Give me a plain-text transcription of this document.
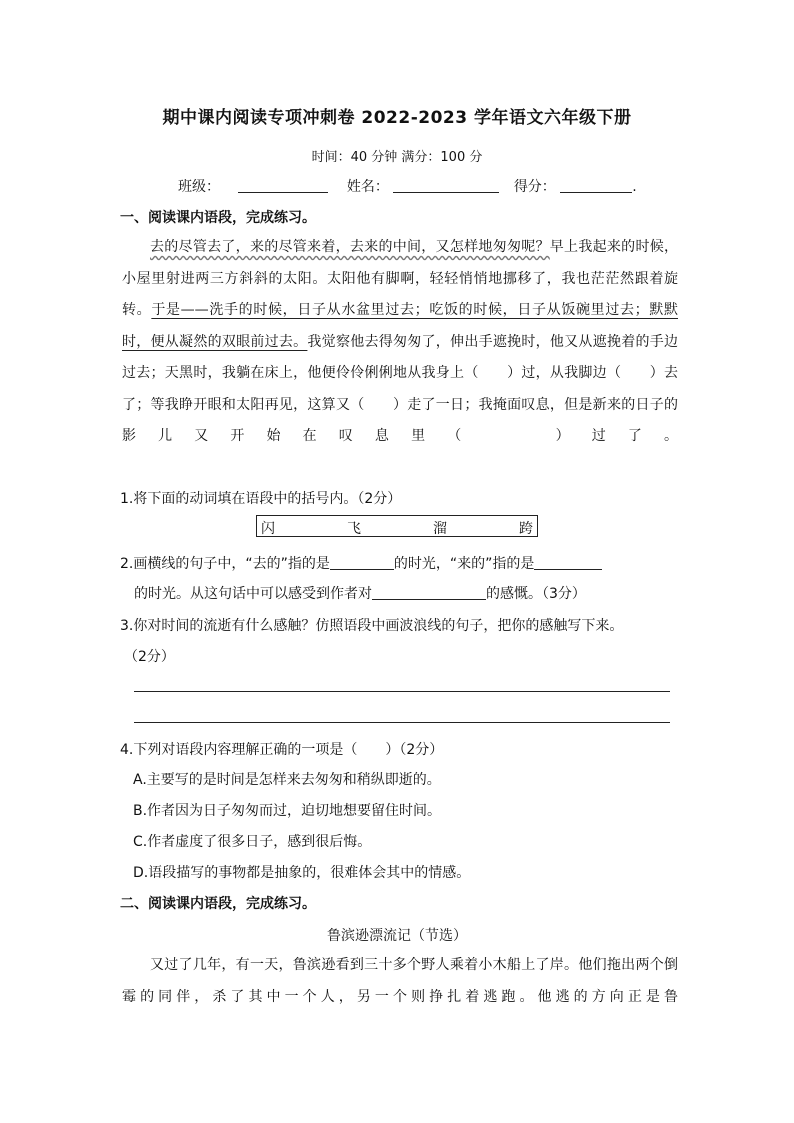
期中课内阅读专项冲刺卷 2022-2023 学年语文六年级下册
时间：40 分钟 满分：100 分
班级：	姓名：	得分：	.
一、阅读课内语段，完成练习。
去的尽管去了，来的尽管来着，去来的中间，又怎样地匆匆呢？早上我起来的时候，小屋里射进两三方斜斜的太阳。太阳他有脚啊，轻轻悄悄地挪移了，我也茫茫然跟着旋转。于是——洗手的时候，日子从水盆里过去；吃饭的时候，日子从饭碗里过去；默默时，便从凝然的双眼前过去。我觉察他去得匆匆了，伸出手遮挽时，他又从遮挽着的手边过去；天黑时，我躺在床上，他便伶伶俐俐地从我身上（　　）过，从我脚边（　　）去了；等我睁开眼和太阳再见，这算又（　　）走了一日；我掩面叹息，但是新来的日子的影儿又开始在叹息里（　　）过了。
1.将下面的动词填在语段中的括号内。（2分）
闪	飞	溜	跨
2.画横线的句子中，“去的”指的是	的时光，“来的”指的是
的时光。从这句话中可以感受到作者对	的感慨。（3分）
3.你对时间的流逝有什么感触？仿照语段中画波浪线的句子，把你的感触写下来。
（2分）
4.下列对语段内容理解正确的一项是（　　）（2分）
A.主要写的是时间是怎样来去匆匆和稍纵即逝的。
B.作者因为日子匆匆而过，迫切地想要留住时间。
C.作者虚度了很多日子，感到很后悔。
D.语段描写的事物都是抽象的，很难体会其中的情感。
二、阅读课内语段，完成练习。
鲁滨逊漂流记（节选）
又过了几年，有一天，鲁滨逊看到三十多个野人乘着小木船上了岸。他们拖出两个倒霉的同伴，杀了其中一个人，另一个则挣扎着逃跑。他逃的方向正是鲁
